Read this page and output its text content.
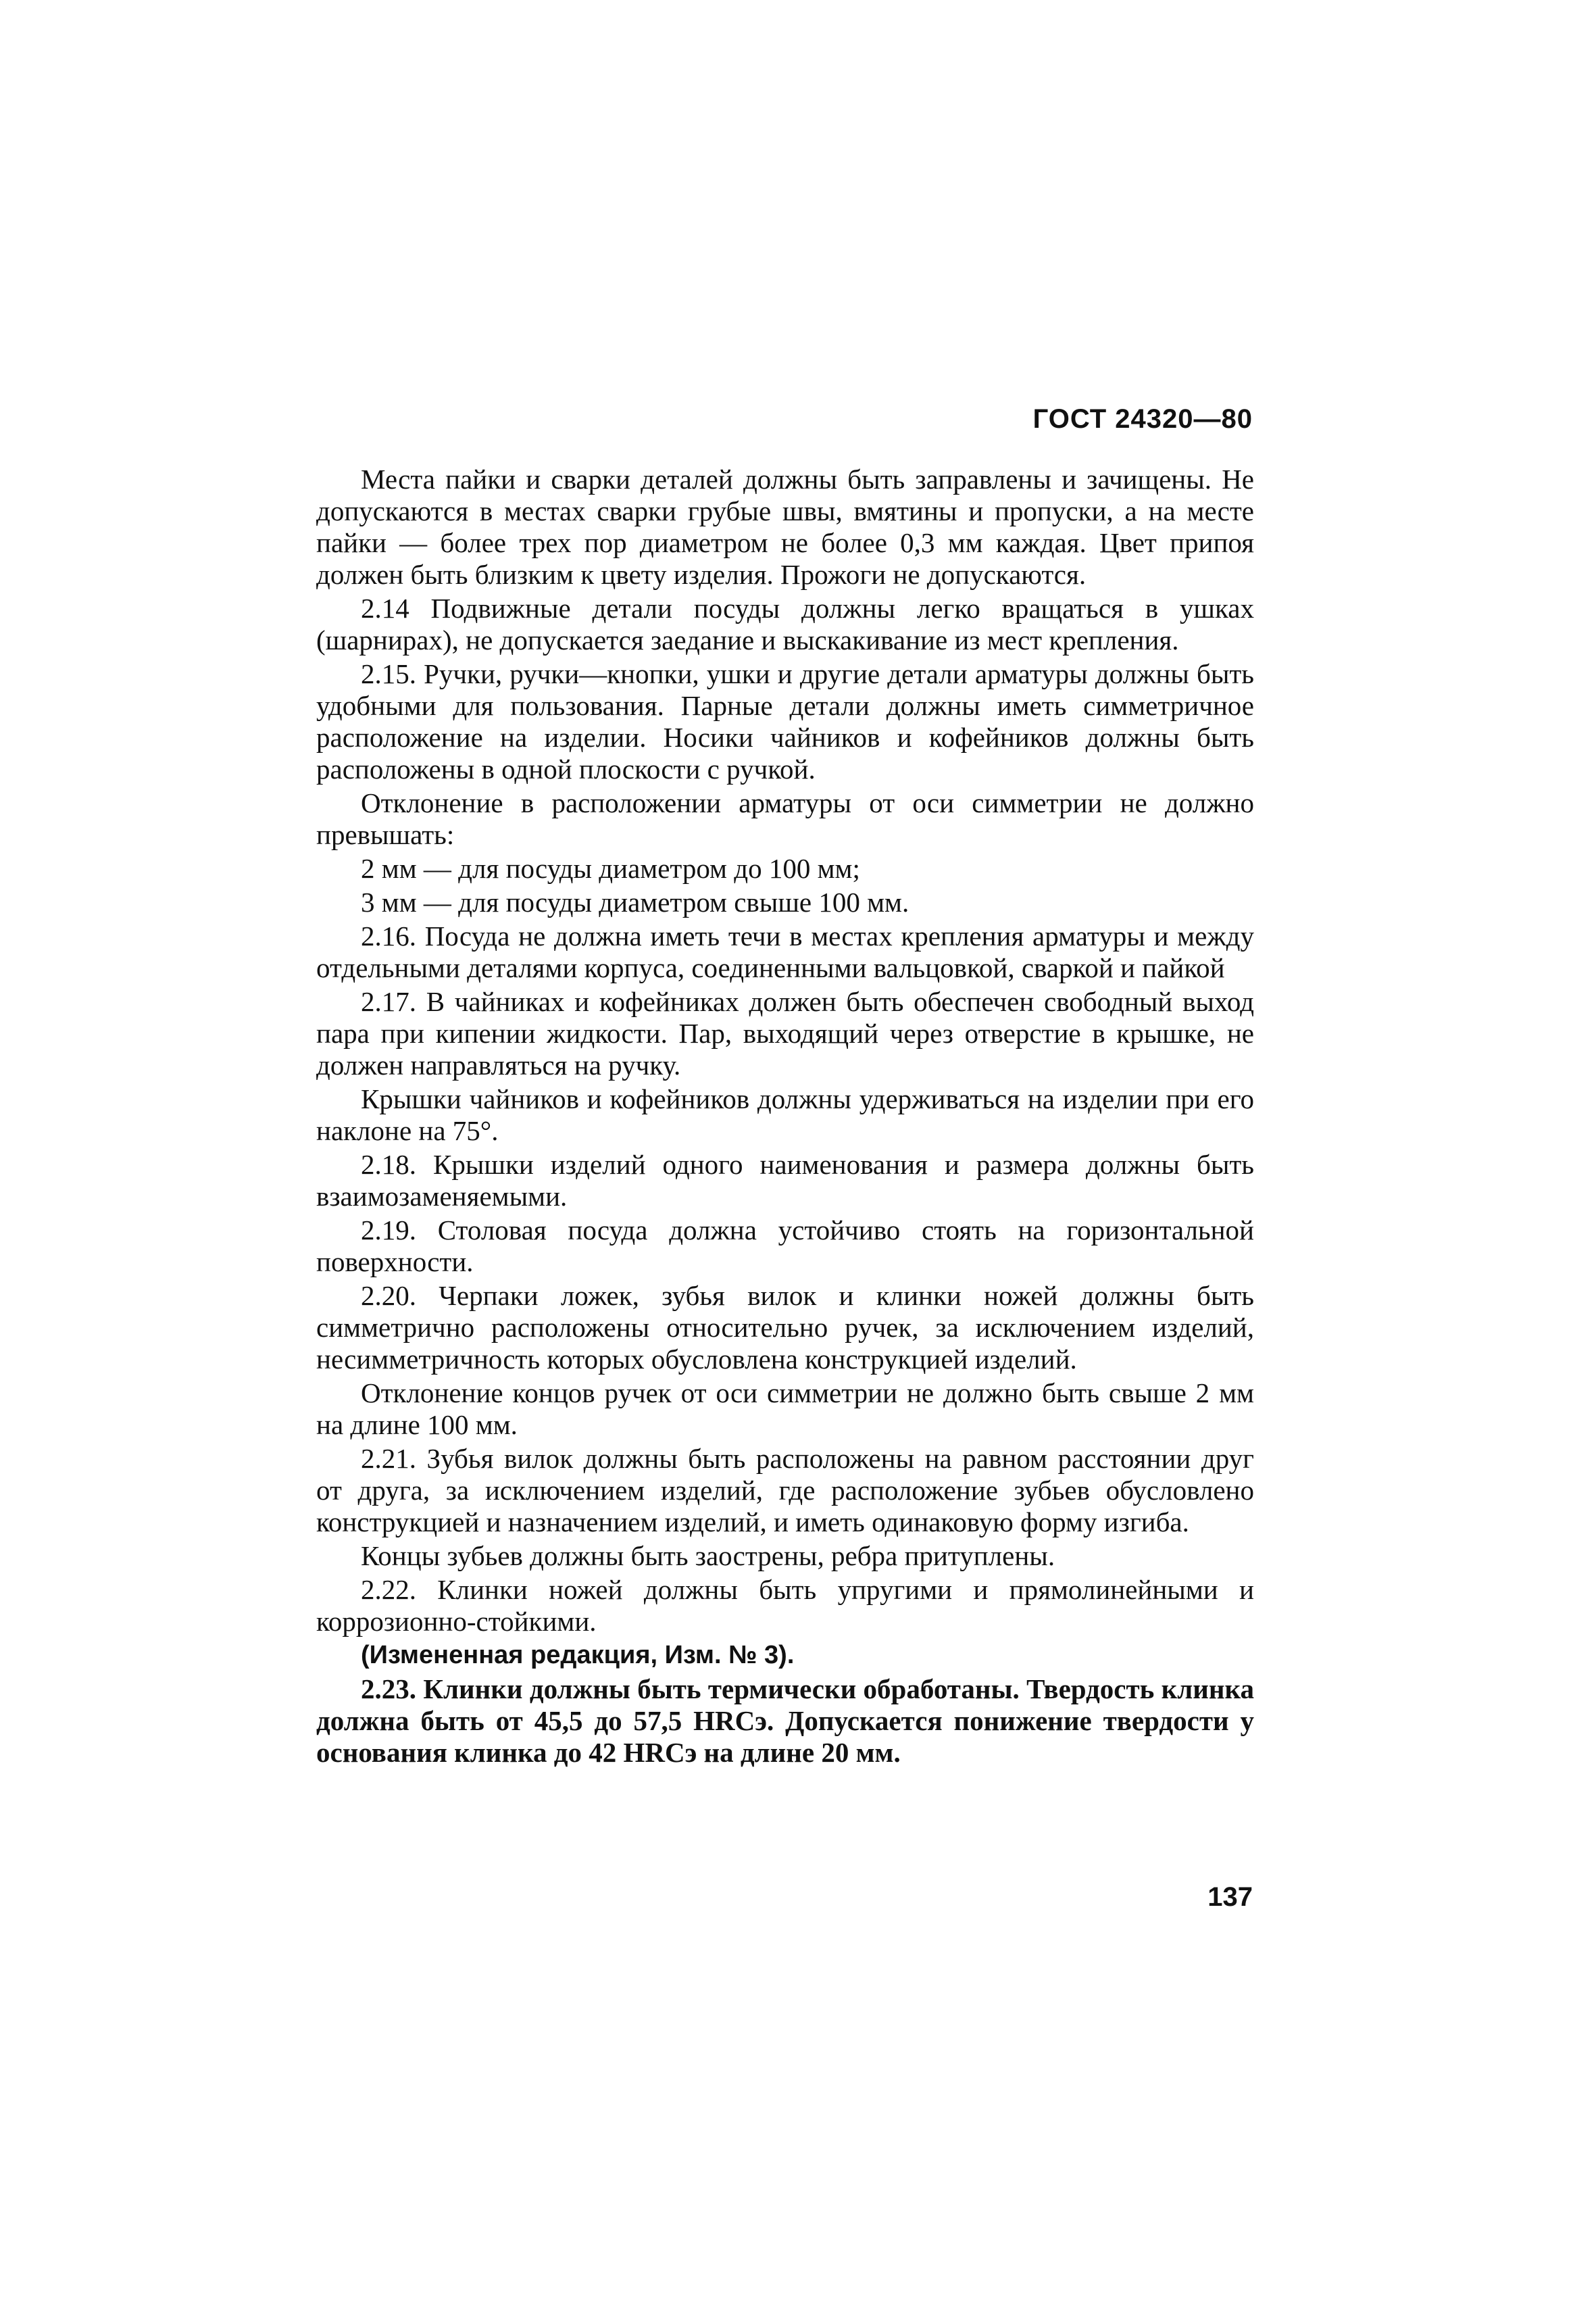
ГОСТ 24320—80

Места пайки и сварки деталей должны быть заправлены и зачищены. Не допускаются в местах сварки грубые швы, вмятины и пропуски, а на месте пайки — более трех пор диаметром не более 0,3 мм каждая. Цвет припоя должен быть близким к цвету изделия. Прожоги не допускаются.

2.14 Подвижные детали посуды должны легко вращаться в ушках (шарнирах), не допускается заедание и выскакивание из мест крепления.

2.15. Ручки, ручки—кнопки, ушки и другие детали арматуры должны быть удобными для пользования. Парные детали должны иметь симметричное расположение на изделии. Носики чайников и кофейников должны быть расположены в одной плоскости с ручкой.

Отклонение в расположении арматуры от оси симметрии не должно превышать:

2 мм — для посуды диаметром до 100 мм;

3 мм — для посуды диаметром свыше 100 мм.

2.16. Посуда не должна иметь течи в местах крепления арматуры и между отдельными деталями корпуса, соединенными вальцовкой, сваркой и пайкой

2.17. В чайниках и кофейниках должен быть обеспечен свободный выход пара при кипении жидкости. Пар, выходящий через отверстие в крышке, не должен направляться на ручку.

Крышки чайников и кофейников должны удерживаться на изделии при его наклоне на 75°.

2.18. Крышки изделий одного наименования и размера должны быть взаимозаменяемыми.

2.19. Столовая посуда должна устойчиво стоять на горизонтальной поверхности.

2.20. Черпаки ложек, зубья вилок и клинки ножей должны быть симметрично расположены относительно ручек, за исключением изделий, несимметричность которых обусловлена конструкцией изделий.

Отклонение концов ручек от оси симметрии не должно быть свыше 2 мм на длине 100 мм.

2.21. Зубья вилок должны быть расположены на равном расстоянии друг от друга, за исключением изделий, где расположение зубьев обусловлено конструкцией и назначением изделий, и иметь одинаковую форму изгиба.

Концы зубьев должны быть заострены, ребра притуплены.

2.22. Клинки ножей должны быть упругими и прямолинейными и коррозионно-стойкими.

(Измененная редакция, Изм. № 3).

2.23. Клинки должны быть термически обработаны. Твердость клинка должна быть от 45,5 до 57,5 HRCэ. Допускается понижение твердости у основания клинка до 42 HRCэ на длине 20 мм.

137
